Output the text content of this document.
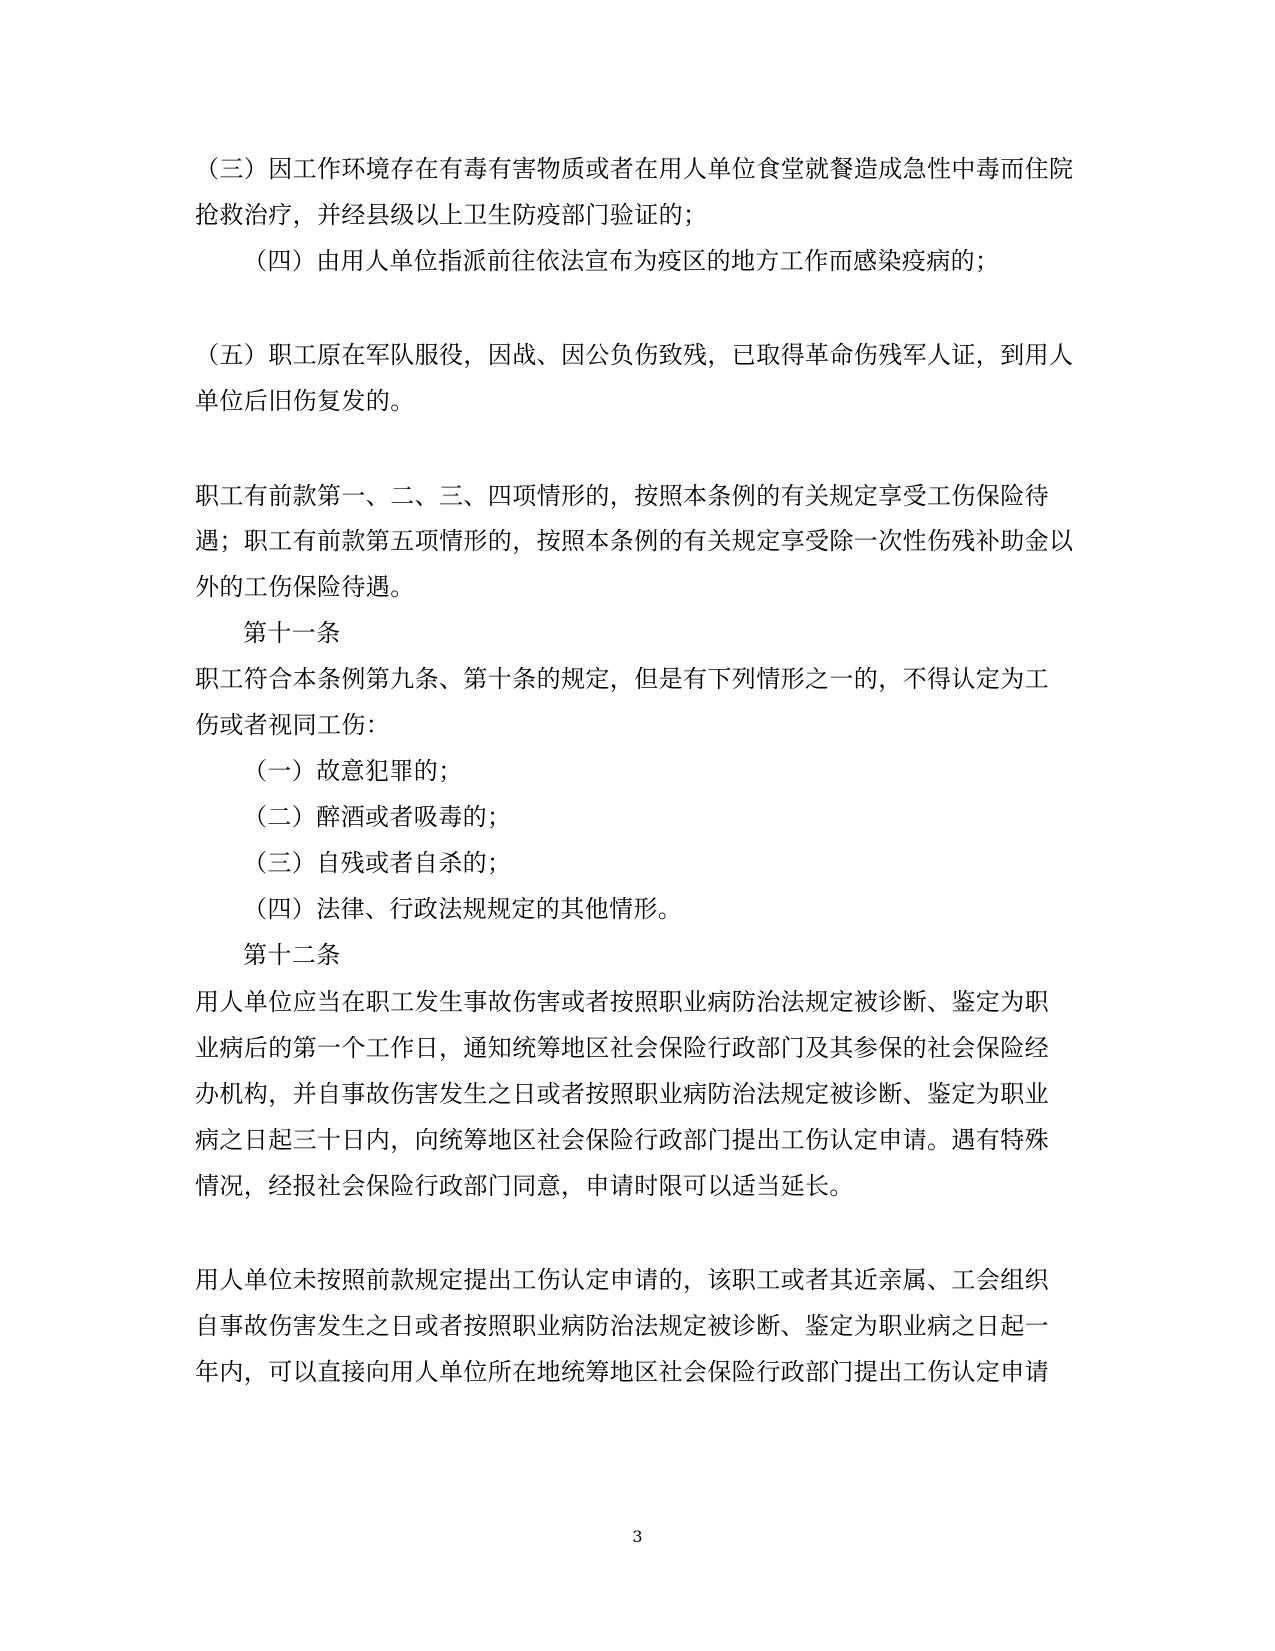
（三）因工作环境存在有毒有害物质或者在用人单位食堂就餐造成急性中毒而住院
抢救治疗，并经县级以上卫生防疫部门验证的；
（四）由用人单位指派前往依法宣布为疫区的地方工作而感染疫病的；
（五）职工原在军队服役，因战、因公负伤致残，已取得革命伤残军人证，到用人
单位后旧伤复发的。
职工有前款第一、二、三、四项情形的，按照本条例的有关规定享受工伤保险待
遇；职工有前款第五项情形的，按照本条例的有关规定享受除一次性伤残补助金以
外的工伤保险待遇。
第十一条
职工符合本条例第九条、第十条的规定，但是有下列情形之一的，不得认定为工
伤或者视同工伤：
（一）故意犯罪的；
（二）醉酒或者吸毒的；
（三）自残或者自杀的；
（四）法律、行政法规规定的其他情形。
第十二条
用人单位应当在职工发生事故伤害或者按照职业病防治法规定被诊断、鉴定为职
业病后的第一个工作日，通知统筹地区社会保险行政部门及其参保的社会保险经
办机构，并自事故伤害发生之日或者按照职业病防治法规定被诊断、鉴定为职业
病之日起三十日内，向统筹地区社会保险行政部门提出工伤认定申请。遇有特殊
情况，经报社会保险行政部门同意，申请时限可以适当延长。
用人单位未按照前款规定提出工伤认定申请的，该职工或者其近亲属、工会组织
自事故伤害发生之日或者按照职业病防治法规定被诊断、鉴定为职业病之日起一
年内，可以直接向用人单位所在地统筹地区社会保险行政部门提出工伤认定申请
3
